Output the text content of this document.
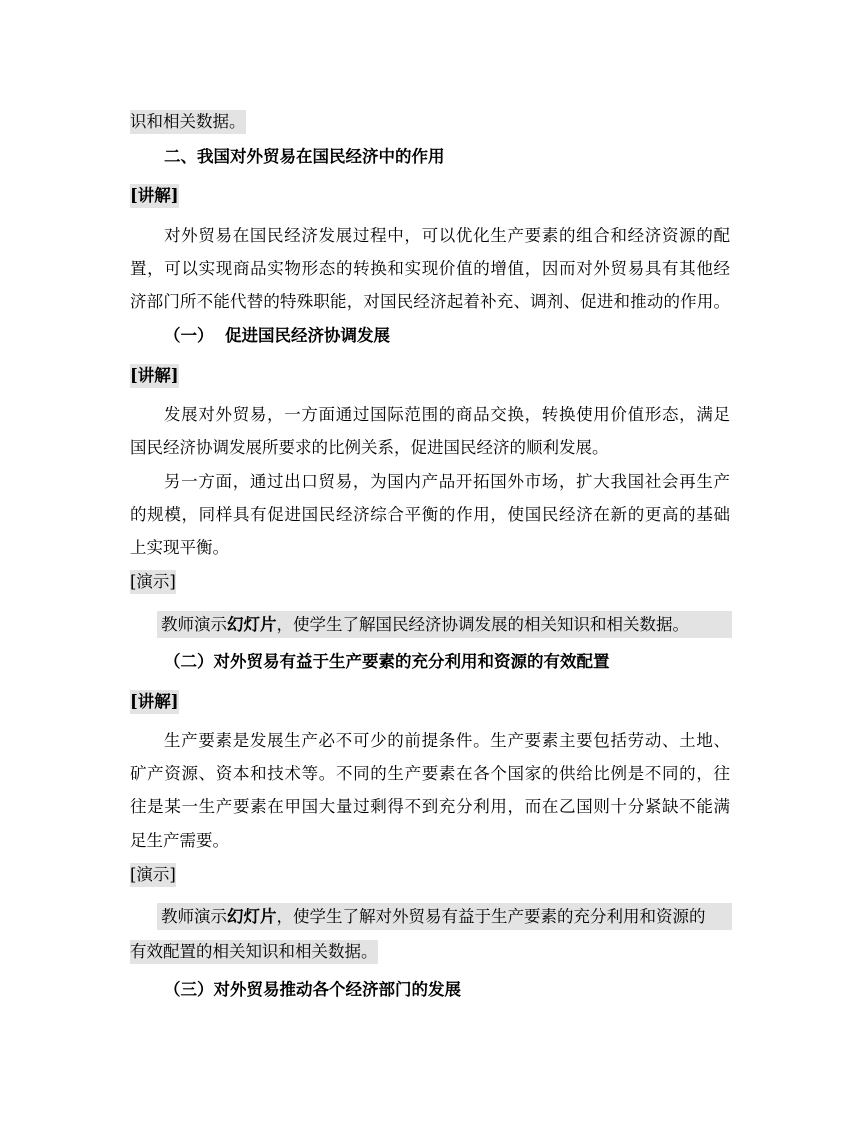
识和相关数据。
二、我国对外贸易在国民经济中的作用
[讲解]
对外贸易在国民经济发展过程中，可以优化生产要素的组合和经济资源的配
置，可以实现商品实物形态的转换和实现价值的增值，因而对外贸易具有其他经
济部门所不能代替的特殊职能，对国民经济起着补充、调剂、促进和推动的作用。
（一）  促进国民经济协调发展
[讲解]
发展对外贸易，一方面通过国际范围的商品交换，转换使用价值形态，满足
国民经济协调发展所要求的比例关系，促进国民经济的顺利发展。
另一方面，通过出口贸易，为国内产品开拓国外市场，扩大我国社会再生产
的规模，同样具有促进国民经济综合平衡的作用，使国民经济在新的更高的基础
上实现平衡。
[演示]
教师演示幻灯片，使学生了解国民经济协调发展的相关知识和相关数据。
（二）对外贸易有益于生产要素的充分利用和资源的有效配置
[讲解]
生产要素是发展生产必不可少的前提条件。生产要素主要包括劳动、土地、
矿产资源、资本和技术等。不同的生产要素在各个国家的供给比例是不同的，往
往是某一生产要素在甲国大量过剩得不到充分利用，而在乙国则十分紧缺不能满
足生产需要。
[演示]
教师演示幻灯片，使学生了解对外贸易有益于生产要素的充分利用和资源的
有效配置的相关知识和相关数据。
（三）对外贸易推动各个经济部门的发展
